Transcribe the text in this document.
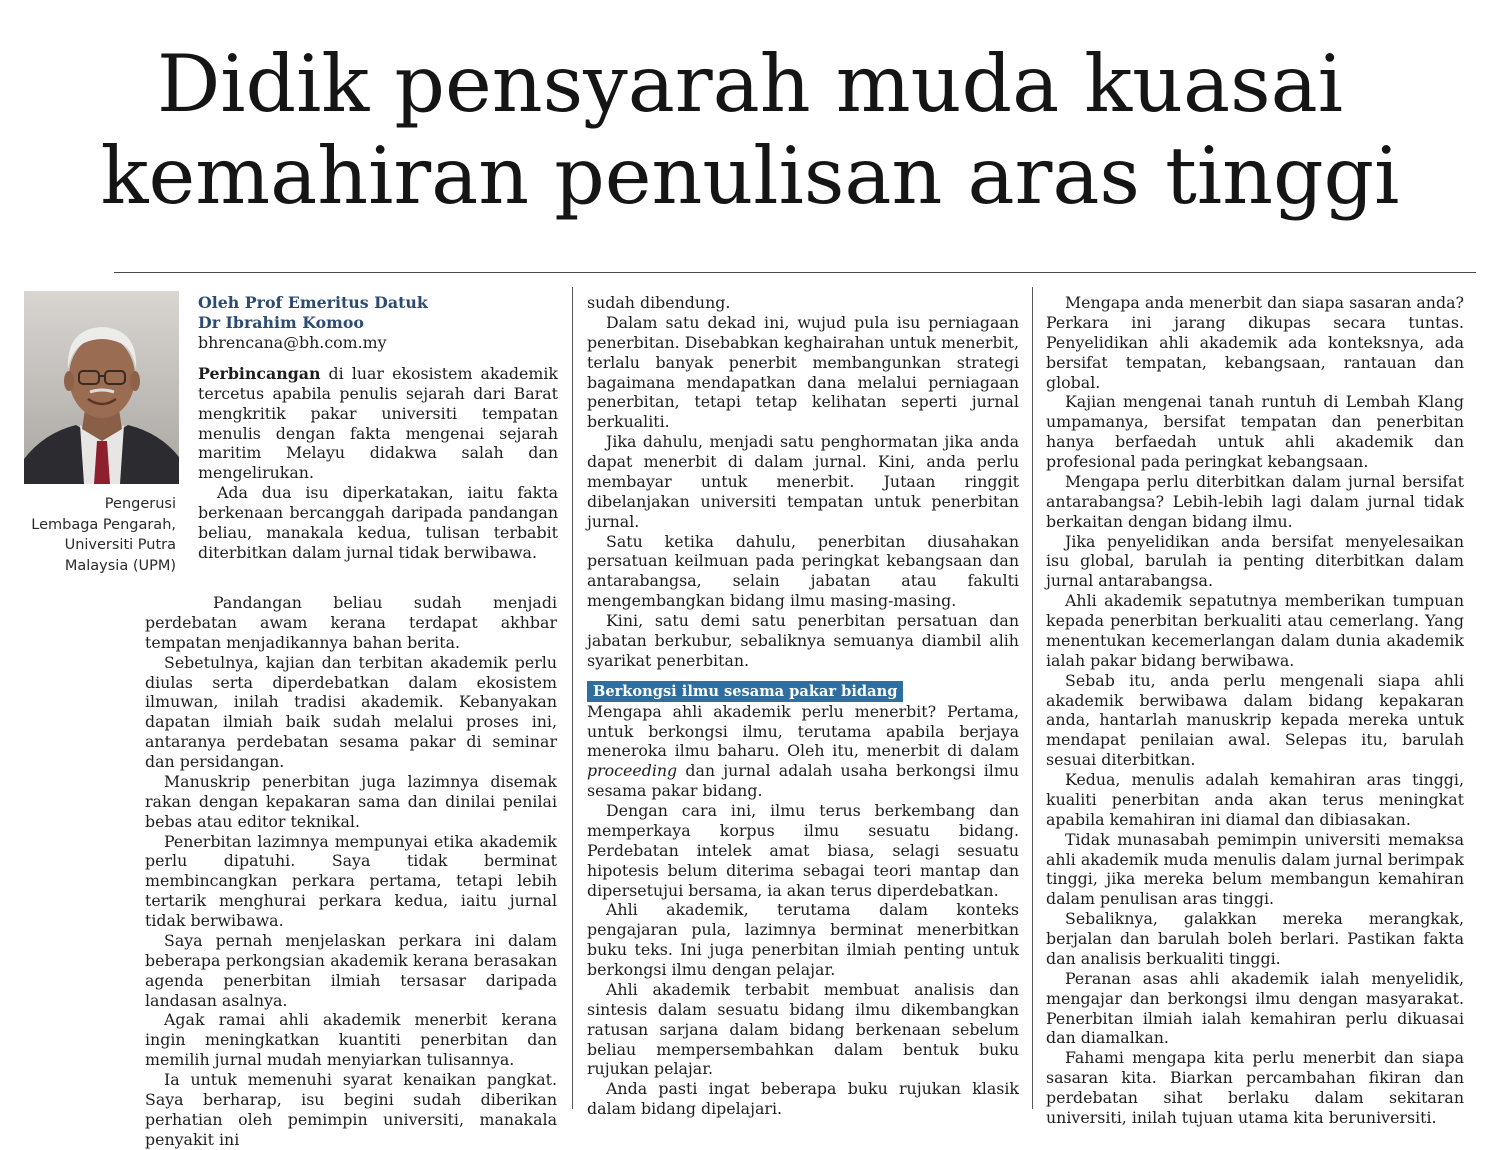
Didik pensyarah muda kuasai
kemahiran penulisan aras tinggi
Pengerusi
Lembaga Pengarah,
Universiti Putra
Malaysia (UPM)

Oleh Prof Emeritus Datuk

Dr Ibrahim Komoo

bhrencana@bh.com.my

Perbincangan di luar ekosistem akademik tercetus apabila penulis sejarah dari Barat mengkritik pakar universiti tempatan menulis dengan fakta mengenai sejarah maritim Melayu didakwa salah dan mengelirukan.

Ada dua isu diperkatakan, iaitu fakta berkenaan bercanggah daripada pandangan beliau, manakala kedua, tulisan terbabit diterbitkan dalam jurnal tidak berwibawa.

Pandangan beliau sudah menjadi perdebatan awam kerana terdapat akhbar tempatan menjadikannya bahan berita.

Sebetulnya, kajian dan terbitan akademik perlu diulas serta diperdebatkan dalam ekosistem ilmuwan, inilah tradisi akademik. Kebanyakan dapatan ilmiah baik sudah melalui proses ini, antaranya perdebatan sesama pakar di seminar dan persidangan.

Manuskrip penerbitan juga lazimnya disemak rakan dengan kepakaran sama dan dinilai penilai bebas atau editor teknikal.

Penerbitan lazimnya mempunyai etika akademik perlu dipatuhi. Saya tidak berminat membincangkan perkara pertama, tetapi lebih tertarik menghurai perkara kedua, iaitu jurnal tidak berwibawa.

Saya pernah menjelaskan perkara ini dalam beberapa perkongsian akademik kerana berasakan agenda penerbitan ilmiah tersasar daripada landasan asalnya.

Agak ramai ahli akademik menerbit kerana ingin meningkatkan kuantiti penerbitan dan memilih jurnal mudah menyiarkan tulisannya.

Ia untuk memenuhi syarat kenaikan pangkat. Saya berharap, isu begini sudah diberikan perhatian oleh pemimpin universiti, manakala penyakit ini

sudah dibendung.

Dalam satu dekad ini, wujud pula isu perniagaan penerbitan. Disebabkan keghairahan untuk menerbit, terlalu banyak penerbit membangunkan strategi bagaimana mendapatkan dana melalui perniagaan penerbitan, tetapi tetap kelihatan seperti jurnal berkualiti.

Jika dahulu, menjadi satu penghormatan jika anda dapat menerbit di dalam jurnal. Kini, anda perlu membayar untuk menerbit. Jutaan ringgit dibelanjakan universiti tempatan untuk penerbitan jurnal.

Satu ketika dahulu, penerbitan diusahakan persatuan keilmuan pada peringkat kebangsaan dan antarabangsa, selain jabatan atau fakulti mengembangkan bidang ilmu masing-masing.

Kini, satu demi satu penerbitan persatuan dan jabatan berkubur, sebaliknya semuanya diambil alih syarikat penerbitan.

Berkongsi ilmu sesama pakar bidang

Mengapa ahli akademik perlu menerbit? Pertama, untuk berkongsi ilmu, terutama apabila berjaya meneroka ilmu baharu. Oleh itu, menerbit di dalam proceeding dan jurnal adalah usaha berkongsi ilmu sesama pakar bidang.

Dengan cara ini, ilmu terus berkembang dan memperkaya korpus ilmu sesuatu bidang. Perdebatan intelek amat biasa, selagi sesuatu hipotesis belum diterima sebagai teori mantap dan dipersetujui bersama, ia akan terus diperdebatkan.

Ahli akademik, terutama dalam konteks pengajaran pula, lazimnya berminat menerbitkan buku teks. Ini juga penerbitan ilmiah penting untuk berkongsi ilmu dengan pelajar.

Ahli akademik terbabit membuat analisis dan sintesis dalam sesuatu bidang ilmu dikembangkan ratusan sarjana dalam bidang berkenaan sebelum beliau mempersembahkan dalam bentuk buku rujukan pelajar.

Anda pasti ingat beberapa buku rujukan klasik dalam bidang dipelajari.

Mengapa anda menerbit dan siapa sasaran anda? Perkara ini jarang dikupas secara tuntas. Penyelidikan ahli akademik ada konteksnya, ada bersifat tempatan, kebangsaan, rantauan dan global.

Kajian mengenai tanah runtuh di Lembah Klang umpamanya, bersifat tempatan dan penerbitan hanya berfaedah untuk ahli akademik dan profesional pada peringkat kebangsaan.

Mengapa perlu diterbitkan dalam jurnal bersifat antarabangsa? Lebih-lebih lagi dalam jurnal tidak berkaitan dengan bidang ilmu.

Jika penyelidikan anda bersifat menyelesaikan isu global, barulah ia penting diterbitkan dalam jurnal antarabangsa.

Ahli akademik sepatutnya memberikan tumpuan kepada penerbitan berkualiti atau cemerlang. Yang menentukan kecemerlangan dalam dunia akademik ialah pakar bidang berwibawa.

Sebab itu, anda perlu mengenali siapa ahli akademik berwibawa dalam bidang kepakaran anda, hantarlah manuskrip kepada mereka untuk mendapat penilaian awal. Selepas itu, barulah sesuai diterbitkan.

Kedua, menulis adalah kemahiran aras tinggi, kualiti penerbitan anda akan terus meningkat apabila kemahiran ini diamal dan dibiasakan.

Tidak munasabah pemimpin universiti memaksa ahli akademik muda menulis dalam jurnal berimpak tinggi, jika mereka belum membangun kemahiran dalam penulisan aras tinggi.

Sebaliknya, galakkan mereka merangkak, berjalan dan barulah boleh berlari. Pastikan fakta dan analisis berkualiti tinggi.

Peranan asas ahli akademik ialah menyelidik, mengajar dan berkongsi ilmu dengan masyarakat. Penerbitan ilmiah ialah kemahiran perlu dikuasai dan diamalkan.

Fahami mengapa kita perlu menerbit dan siapa sasaran kita. Biarkan percambahan fikiran dan perdebatan sihat berlaku dalam sekitaran universiti, inilah tujuan utama kita beruniversiti.
